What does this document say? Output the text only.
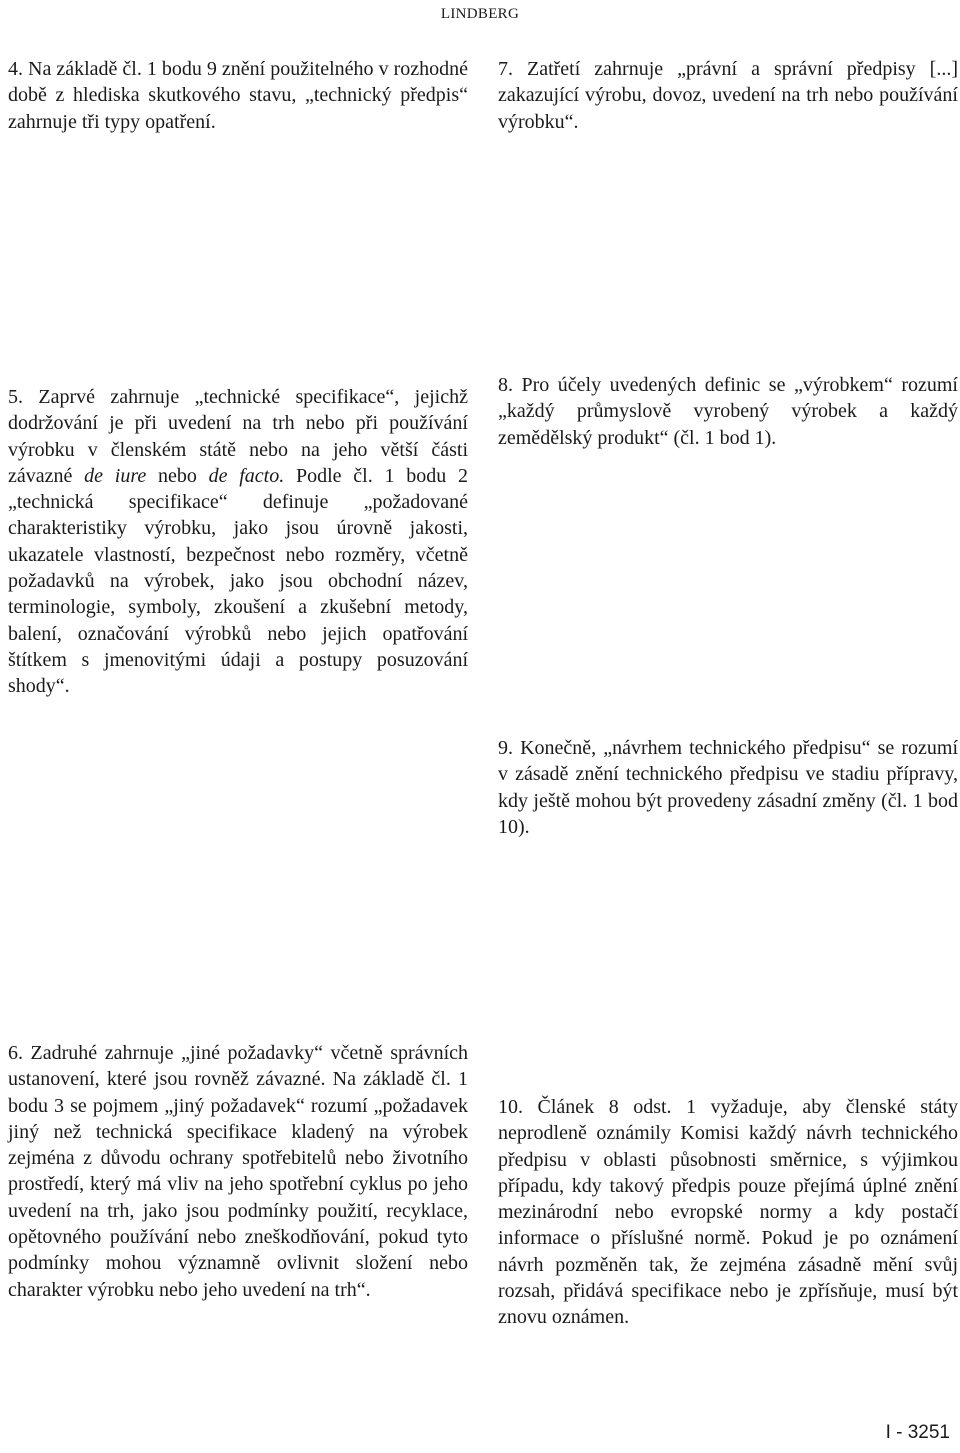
LINDBERG

4. Na základě čl. 1 bodu 9 znění použitelného v rozhodné době z hlediska skutkového stavu, „technický předpis“ zahrnuje tři typy opatření.

7. Zatřetí zahrnuje „právní a správní předpisy [...] zakazující výrobu, dovoz, uvedení na trh nebo používání výrobku“.

5. Zaprvé zahrnuje „technické specifikace“, jejichž dodržování je při uvedení na trh nebo při používání výrobku v členském státě nebo na jeho větší části závazné de iure nebo de facto. Podle čl. 1 bodu 2 „technická specifikace“ definuje „požadované charakteristiky výrobku, jako jsou úrovně jakosti, ukazatele vlastností, bezpečnost nebo rozměry, včetně požadavků na výrobek, jako jsou obchodní název, terminologie, symboly, zkoušení a zkušební metody, balení, označování výrobků nebo jejich opatřování štítkem s jmenovitými údaji a postupy posuzování shody“.

8. Pro účely uvedených definic se „výrobkem“ rozumí „každý průmyslově vyrobený výrobek a každý zemědělský produkt“ (čl. 1 bod 1).

9. Konečně, „návrhem technického předpisu“ se rozumí v zásadě znění technického předpisu ve stadiu přípravy, kdy ještě mohou být provedeny zásadní změny (čl. 1 bod 10).

6. Zadruhé zahrnuje „jiné požadavky“ včetně správních ustanovení, které jsou rovněž závazné. Na základě čl. 1 bodu 3 se pojmem „jiný požadavek“ rozumí „požadavek jiný než technická specifikace kladený na výrobek zejména z důvodu ochrany spotřebitelů nebo životního prostředí, který má vliv na jeho spotřební cyklus po jeho uvedení na trh, jako jsou podmínky použití, recyklace, opětovného používání nebo zneškodňování, pokud tyto podmínky mohou významně ovlivnit složení nebo charakter výrobku nebo jeho uvedení na trh“.

10. Článek 8 odst. 1 vyžaduje, aby členské státy neprodleně oznámily Komisi každý návrh technického předpisu v oblasti působnosti směrnice, s výjimkou případu, kdy takový předpis pouze přejímá úplné znění mezinárodní nebo evropské normy a kdy postačí informace o příslušné normě. Pokud je po oznámení návrh pozměněn tak, že zejména zásadně mění svůj rozsah, přidává specifikace nebo je zpřísňuje, musí být znovu oznámen.

I - 3251
